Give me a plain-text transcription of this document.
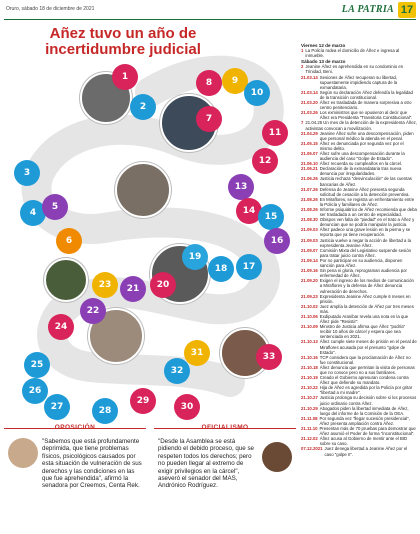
Oruro, sábado 18 de diciembre de 2021	LA PATRIA 17
Añez tuvo un año de incertidumbre judicial
1
2
3
4
5
6
7
8	9
10
11
12
13
14
15
16
17
18
19
20
21
22
23
24
25
26
27	28
29
30
31
32
33
Viernes 12 de marzo
1 La Policía rodea el domicilio de Áñez e ingresa al inmueble.
Sábado 13 de marzo
2 Jeanine Áñez es aprehendida en su condominio en Trinidad, Beni.
21.03.14 Sesiones de Áñez recuperan su libertad, supuestamente impidiendo captura de la exmandataria.
21.03.14 Según su declaración Áñez defendía la legalidad de la transición constitucional.
21.03.20 Áñez es trasladada de manera sorpresiva a otro centro penitenciario.
21.03.26 Los exministros que se opusieron al decir que Áñez era Presidenta "Transitoria Constitucional".
7 21.04.25 Un mes de la detención de la expresidenta Áñez, activistas convocan a movilización.
21.04.29 Jeanine Áñez sufre una descompensación, piden que personal médico la atienda en el penal.
21.05.15 Áñez es denunciada por segunda vez por el mismo delito.
21.06.07 Áñez sufre una descompensación durante la audiencia del caso "Golpe de Estado".
21.06.10 Áñez recuerda su cumpleaños en la cárcel.
21.06.21 Declaración de la exmandataria tras nueva denuncia por irregularidades.
21.06.26 Justicia rechaza "desvinculación" de las cuentas bancarias de Áñez.
21.07.26 Defensa de Jeanine Áñez presenta segunda solicitud de cesación a la detención preventiva.
21.08.26 En Miraflores, se registra un enfrentamiento entre la Policía y familiares de Áñez.
21.08.26 Informe psiquiátrico de Áñez recomienda que deba ser trasladada a un centro de especialidad.
21.08.30 Obispos ven falta de "piedad" en el trato a Áñez y denuncian que se podría manipular la justicia.
21.09.03 Áñez padece una grave lesión en la pierna y se reporta que ya tiene recuperación.
21.09.03 Justicia vuelve a negar la acción de libertad a la expresidenta Jeanine Áñez.
21.09.07 Comisión Mixta del Legislativo suspende sesión para tratar juicio contra Áñez.
21.09.14 Por no participar en su audiencia, disponen sanción para Áñez.
21.09.16 Sin pena ni gloria, reprograman audiencia por enfermedad de Áñez.
21.09.20 Exigen el ingreso de los medios de comunicación a Miraflores y la defensa de Áñez denuncia vulneración de derechos.
21.09.23 Expresidenta Jeanine Áñez cumple 6 meses en prisión.
21.10.02 Juez amplía la detención de Áñez por tres meses más.
21.10.06 Exdiputado Aranibar revela una nota en la que Áñez pide "Resistir".
21.10.09 Ministro de Justicia afirma que Áñez "podría" recibir 10 años de cárcel y espera que sea sentenciada en 2021.
21.10.13 Áñez cumple siete meses de prisión en el penal de Miraflores acusada por el presunto "golpe de Estado".
21.10.16 TCP considera que la proclamación de Áñez no fue constitucional.
21.10.18 Áñez denuncia que permitan la visita de personas que no conoce pero no a sus familiares.
21.10.19 Creado el Gobierno apresuran condena contra Áñez que defiende su mandato.
21.10.22 Hija de Áñez es agredida por la Policía por gritar "libertad a mi madre".
21.10.27 Justicia prolonga su decisión sobre si los procesos juicio ordinario contra Áñez.
21.10.29 Abogados piden la libertad inmediata de Áñez, luego del informe de la Comisión de la OEA.
21.11.08 Por segunda vez "llegar sucesión presidencial", Áñez presenta ampliación contra Áñez.
21.11.10 Presentan más de 70 pruebas para demostrar que Áñez asumió el Poder de forma "inconstitucional".
21.12.02 Áñez acusa al Gobierno de mentir ante el BID sobre su caso.
07.12.2021 Juez denega libertad a Jeanine Áñez por el caso "golpe II".
"Sabemos que está profundamente deprimida, que tiene problemas físicos, psicológicos causados por esta situación de vulneración de sus derechos y las condiciones en las que fue aprehendida", afirmó la senadora por Creemos, Centa Rek.
"Desde la Asamblea se está pidiendo el debido proceso, que se respeten todos los derechos; pero no pueden llegar al extremo de exigir privilegios en la cárcel", aseveró el senador del MAS, Andrónico Rodríguez.
